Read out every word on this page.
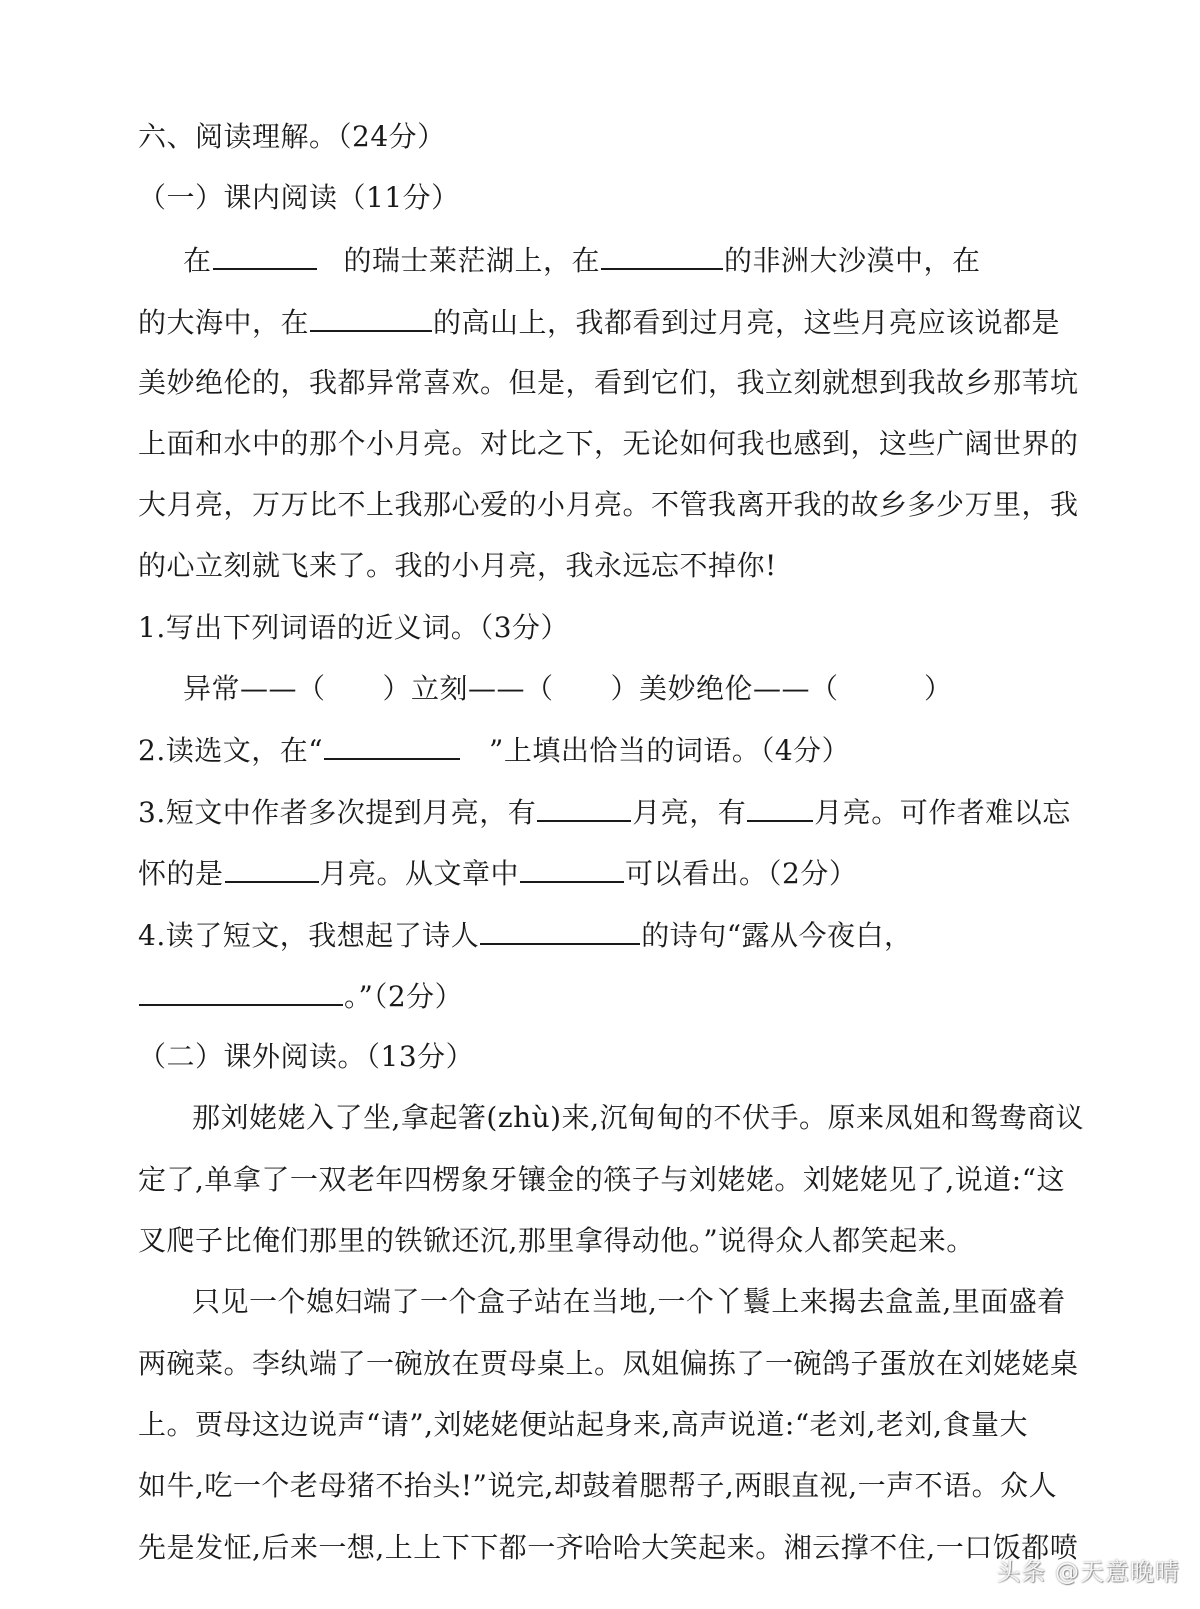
六、阅读理解。（24分）
（一）课内阅读（11分）
在	的瑞士莱茫湖上，在	的非洲大沙漠中，在
的大海中，在	的高山上，我都看到过月亮，这些月亮应该说都是
美妙绝伦的，我都异常喜欢。但是，看到它们，我立刻就想到我故乡那苇坑
上面和水中的那个小月亮。对比之下，无论如何我也感到，这些广阔世界的
大月亮，万万比不上我那心爱的小月亮。不管我离开我的故乡多少万里，我
的心立刻就飞来了。我的小月亮，我永远忘不掉你!
1.写出下列词语的近义词。（3分）
异常——（　　）立刻——（　　）美妙绝伦——（　　　）
2.读选文，在“	”上填出恰当的词语。（4分）
3.短文中作者多次提到月亮，有	月亮，有 月亮。可作者难以忘
怀的是	月亮。从文章中	可以看出。（2分）
4.读了短文，我想起了诗人	的诗句“露从今夜白，
。”（2分）
（二）课外阅读。（13分）
那刘姥姥入了坐,拿起箸(zhù)来,沉甸甸的不伏手。原来凤姐和鸳鸯商议
定了,单拿了一双老年四楞象牙镶金的筷子与刘姥姥。刘姥姥见了,说道:“这
叉爬子比俺们那里的铁锨还沉,那里拿得动他。”说得众人都笑起来。
只见一个媳妇端了一个盒子站在当地,一个丫鬟上来揭去盒盖,里面盛着
两碗菜。李纨端了一碗放在贾母桌上。凤姐偏拣了一碗鸽子蛋放在刘姥姥桌
上。贾母这边说声“请”,刘姥姥便站起身来,高声说道:“老刘,老刘,食量大
如牛,吃一个老母猪不抬头!”说完,却鼓着腮帮子,两眼直视,一声不语。众人
先是发怔,后来一想,上上下下都一齐哈哈大笑起来。湘云撑不住,一口饭都喷
头条 @天意晚晴
